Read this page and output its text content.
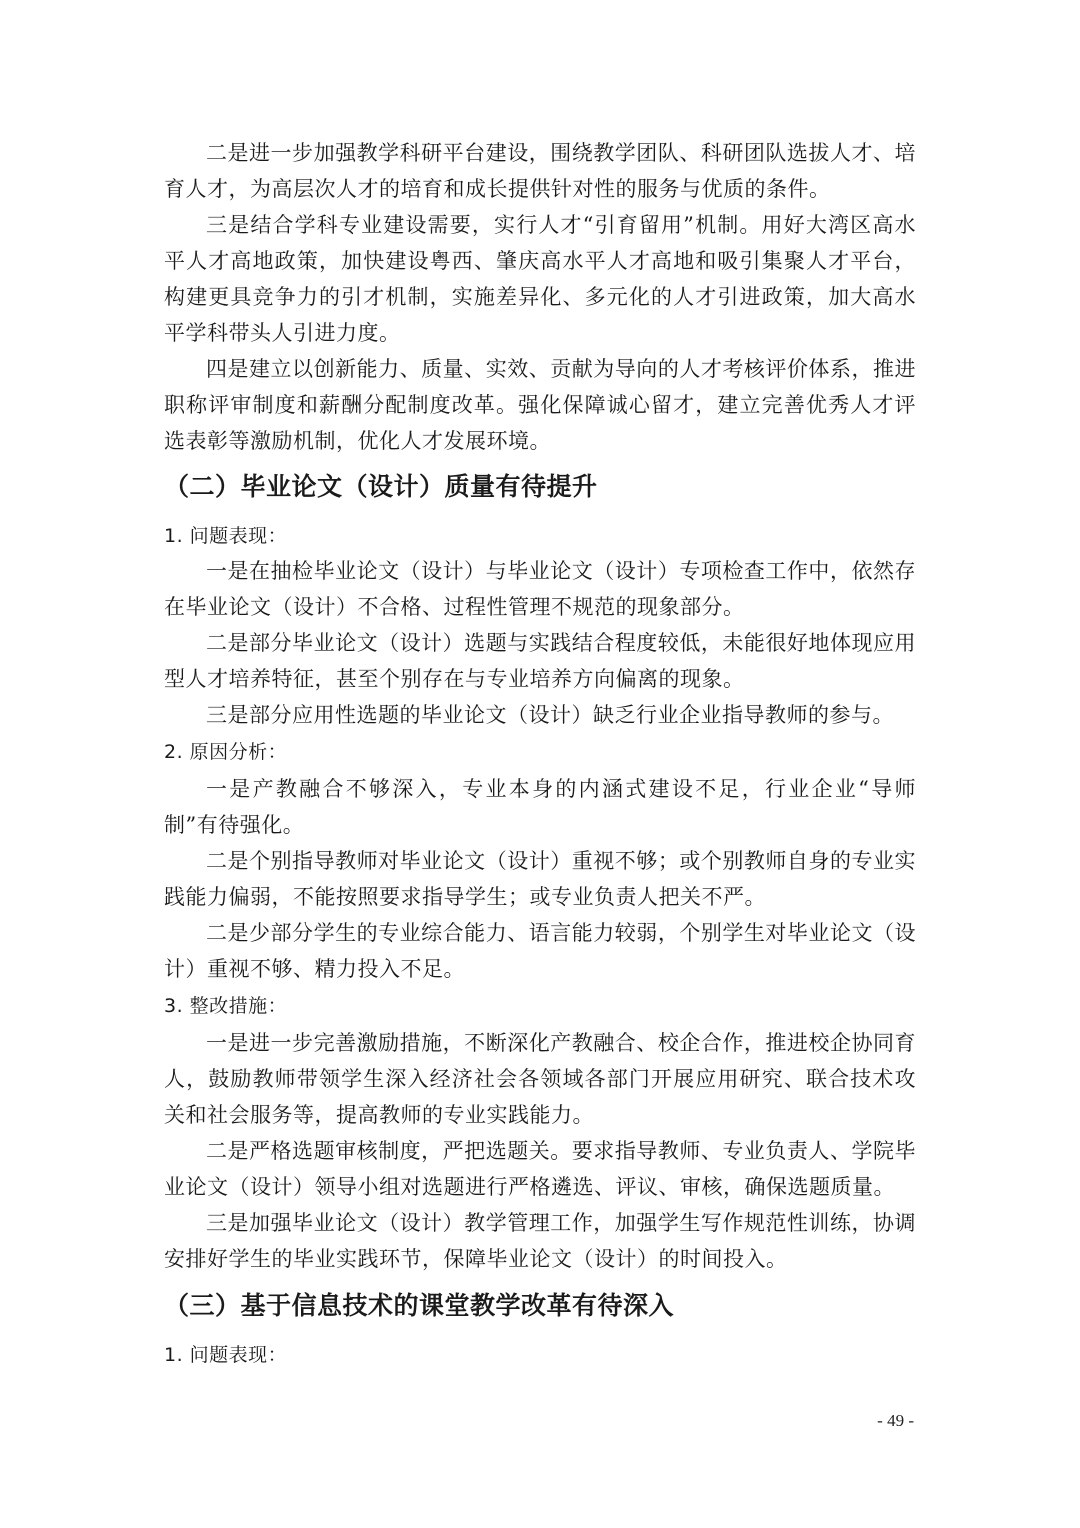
二是进一步加强教学科研平台建设，围绕教学团队、科研团队选拔人才、培育人才，为高层次人才的培育和成长提供针对性的服务与优质的条件。

三是结合学科专业建设需要，实行人才“引育留用”机制。用好大湾区高水平人才高地政策，加快建设粤西、肇庆高水平人才高地和吸引集聚人才平台，构建更具竞争力的引才机制，实施差异化、多元化的人才引进政策，加大高水平学科带头人引进力度。

四是建立以创新能力、质量、实效、贡献为导向的人才考核评价体系，推进职称评审制度和薪酬分配制度改革。强化保障诚心留才，建立完善优秀人才评选表彰等激励机制，优化人才发展环境。

（二）毕业论文（设计）质量有待提升
1. 问题表现：

一是在抽检毕业论文（设计）与毕业论文（设计）专项检查工作中，依然存在毕业论文（设计）不合格、过程性管理不规范的现象部分。

二是部分毕业论文（设计）选题与实践结合程度较低，未能很好地体现应用型人才培养特征，甚至个别存在与专业培养方向偏离的现象。

三是部分应用性选题的毕业论文（设计）缺乏行业企业指导教师的参与。

2. 原因分析：

一是产教融合不够深入，专业本身的内涵式建设不足，行业企业“导师制”有待强化。

二是个别指导教师对毕业论文（设计）重视不够；或个别教师自身的专业实践能力偏弱，不能按照要求指导学生；或专业负责人把关不严。

二是少部分学生的专业综合能力、语言能力较弱，个别学生对毕业论文（设计）重视不够、精力投入不足。

3. 整改措施：

一是进一步完善激励措施，不断深化产教融合、校企合作，推进校企协同育人，鼓励教师带领学生深入经济社会各领域各部门开展应用研究、联合技术攻关和社会服务等，提高教师的专业实践能力。

二是严格选题审核制度，严把选题关。要求指导教师、专业负责人、学院毕业论文（设计）领导小组对选题进行严格遴选、评议、审核，确保选题质量。

三是加强毕业论文（设计）教学管理工作，加强学生写作规范性训练，协调安排好学生的毕业实践环节，保障毕业论文（设计）的时间投入。

（三）基于信息技术的课堂教学改革有待深入
1. 问题表现：
- 49 -
